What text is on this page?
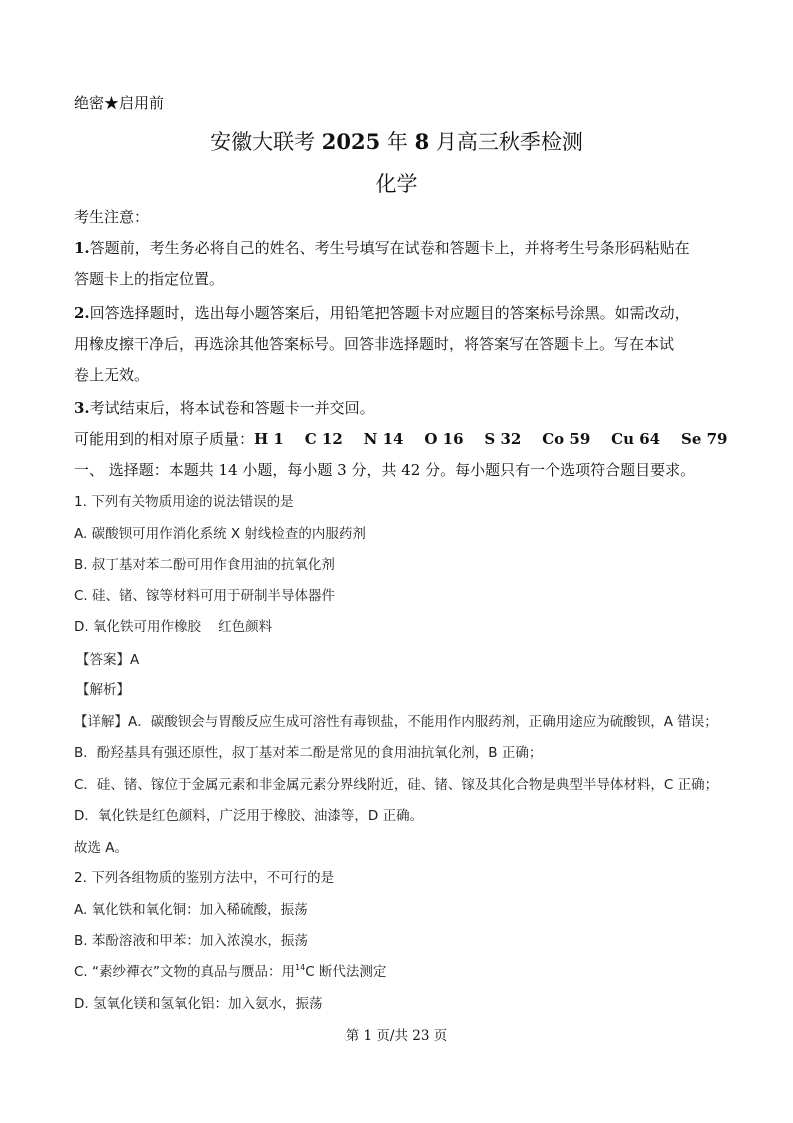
绝密★启用前
安徽大联考 2025 年 8 月高三秋季检测
化学
考生注意：
1.答题前，考生务必将自己的姓名、考生号填写在试卷和答题卡上，并将考生号条形码粘贴在
答题卡上的指定位置。
2.回答选择题时，选出每小题答案后，用铅笔把答题卡对应题目的答案标号涂黑。如需改动，
用橡皮擦干净后，再选涂其他答案标号。回答非选择题时，将答案写在答题卡上。写在本试
卷上无效。
3.考试结束后，将本试卷和答题卡一并交回。
可能用到的相对原子质量：H 1    C 12    N 14    O 16    S 32    Co 59    Cu 64    Se 79
一、 选择题：本题共 14 小题，每小题 3 分，共 42 分。每小题只有一个选项符合题目要求。
1. 下列有关物质用途的说法错误的是
A. 碳酸钡可用作消化系统 X 射线检查的内服药剂
B. 叔丁基对苯二酚可用作食用油的抗氧化剂
C. 硅、锗、镓等材料可用于研制半导体器件
D. 氧化铁可用作橡胶    红色颜料
【答案】A
【解析】
【详解】A．碳酸钡会与胃酸反应生成可溶性有毒钡盐，不能用作内服药剂，正确用途应为硫酸钡，A 错误；
B．酚羟基具有强还原性，叔丁基对苯二酚是常见的食用油抗氧化剂，B 正确；
C．硅、锗、镓位于金属元素和非金属元素分界线附近，硅、锗、镓及其化合物是典型半导体材料，C 正确；
D．氧化铁是红色颜料，广泛用于橡胶、油漆等，D 正确。
故选 A。
2. 下列各组物质的鉴别方法中，不可行的是
A. 氧化铁和氧化铜：加入稀硫酸，振荡
B. 苯酚溶液和甲苯：加入浓溴水，振荡
C. “素纱襌衣”文物的真品与赝品：用$^{14}$C 断代法测定
D. 氢氧化镁和氢氧化铝：加入氨水，振荡
第 1 页/共 23 页
